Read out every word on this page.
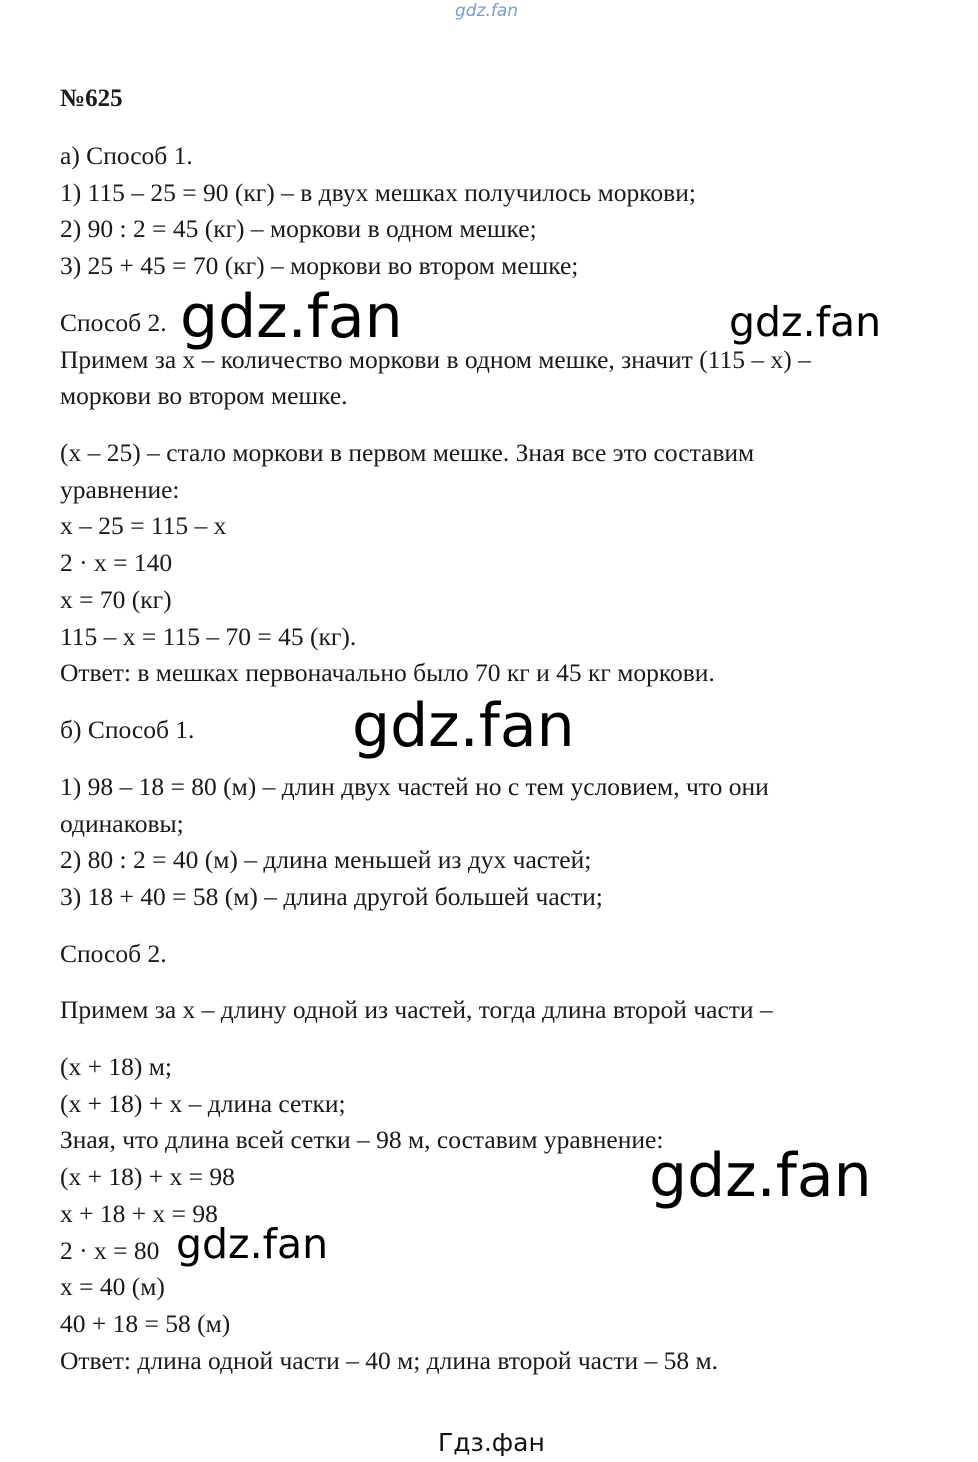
gdz.fan
№625
а) Способ 1.
1) 115 – 25 = 90 (кг) – в двух мешках получилось моркови;
2) 90 : 2 = 45 (кг) – моркови в одном мешке;
3) 25 + 45 = 70 (кг) – моркови во втором мешке;
Способ 2.
Примем за х – количество моркови в одном мешке, значит (115 – х) –
моркови во втором мешке.
(х – 25) – стало моркови в первом мешке. Зная все это составим
уравнение:
х – 25 = 115 – х
2 · х = 140
х = 70 (кг)
115 – х = 115 – 70 = 45 (кг).
Ответ: в мешках первоначально было 70 кг и 45 кг моркови.
б) Способ 1.
1) 98 – 18 = 80 (м) – длин двух частей но с тем условием, что они
одинаковы;
2) 80 : 2 = 40 (м) – длина меньшей из дух частей;
3) 18 + 40 = 58 (м) – длина другой большей части;
Способ 2.
Примем за х – длину одной из частей, тогда длина второй части –
(х + 18) м;
(х + 18) + х – длина сетки;
Зная, что длина всей сетки – 98 м, составим уравнение:
(х + 18) + х = 98
х + 18 + х = 98
2 · х = 80
х = 40 (м)
40 + 18 = 58 (м)
Ответ: длина одной части – 40 м; длина второй части – 58 м.
gdz.fan	gdz.fan
gdz.fan
gdz.fan
gdz.fan
Гдз.фан
